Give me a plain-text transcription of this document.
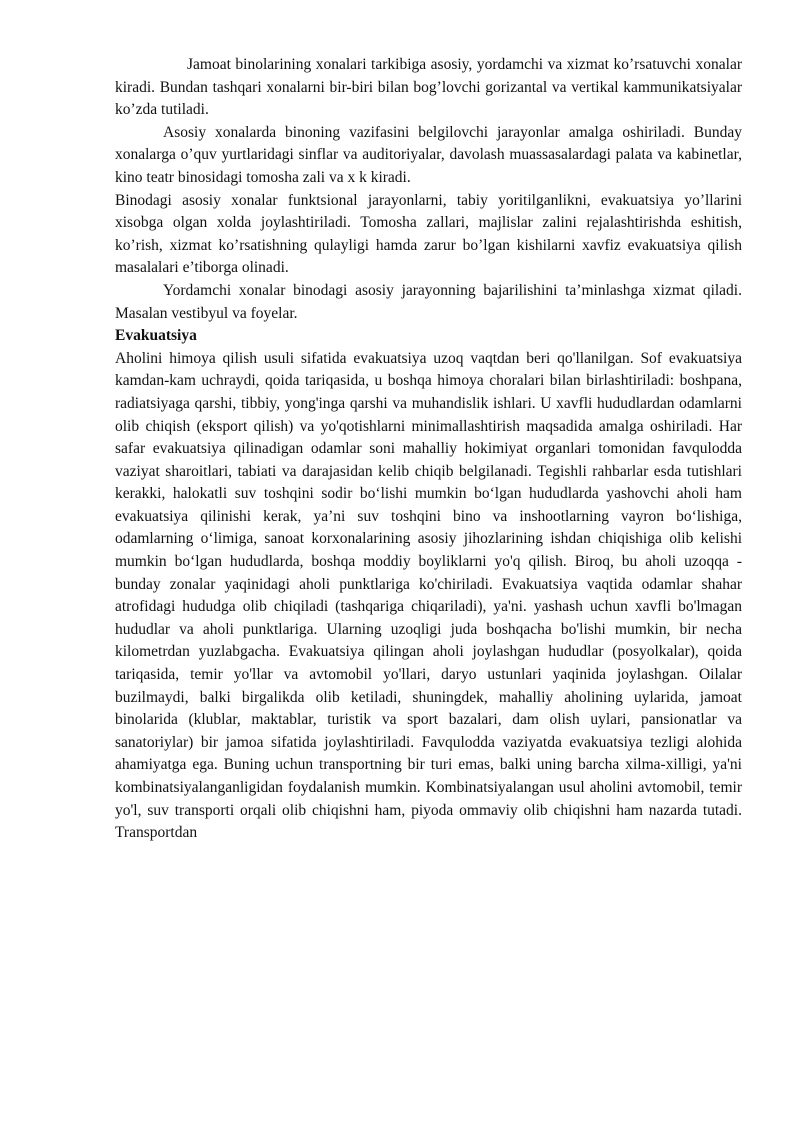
Jamoat binolarining xonalari tarkibiga asosiy, yordamchi va xizmat ko’rsatuvchi xonalar kiradi. Bundan tashqari xonalarni bir-biri bilan bog’lovchi gorizantal va vertikal kammunikatsiyalar ko’zda tutiladi.

Asosiy xonalarda binoning vazifasini belgilovchi jarayonlar amalga oshiriladi. Bunday xonalarga o’quv yurtlaridagi sinflar va auditoriyalar, davolash muassasalardagi palata va kabinetlar, kino teatr binosidagi tomosha zali va x k kiradi.

Binodagi asosiy xonalar funktsional jarayonlarni, tabiy yoritilganlikni, evakuatsiya yo’llarini xisobga olgan xolda joylashtiriladi. Tomosha zallari, majlislar zalini rejalashtirishda eshitish, ko’rish, xizmat ko’rsatishning qulayligi hamda zarur bo’lgan kishilarni xavfiz evakuatsiya qilish masalalari e’tiborga olinadi.

Yordamchi xonalar binodagi asosiy jarayonning bajarilishini ta’minlashga xizmat qiladi. Masalan vestibyul va foyelar.

Evakuatsiya

Aholini himoya qilish usuli sifatida evakuatsiya uzoq vaqtdan beri qo'llanilgan. Sof evakuatsiya kamdan-kam uchraydi, qoida tariqasida, u boshqa himoya choralari bilan birlashtiriladi: boshpana, radiatsiyaga qarshi, tibbiy, yong'inga qarshi va muhandislik ishlari. U xavfli hududlardan odamlarni olib chiqish (eksport qilish) va yo'qotishlarni minimallashtirish maqsadida amalga oshiriladi. Har safar evakuatsiya qilinadigan odamlar soni mahalliy hokimiyat organlari tomonidan favqulodda vaziyat sharoitlari, tabiati va darajasidan kelib chiqib belgilanadi. Tegishli rahbarlar esda tutishlari kerakki, halokatli suv toshqini sodir bo‘lishi mumkin bo‘lgan hududlarda yashovchi aholi ham evakuatsiya qilinishi kerak, ya’ni suv toshqini bino va inshootlarning vayron bo‘lishiga, odamlarning o‘limiga, sanoat korxonalarining asosiy jihozlarining ishdan chiqishiga olib kelishi mumkin bo‘lgan hududlarda, boshqa moddiy boyliklarni yo'q qilish. Biroq, bu aholi uzoqqa - bunday zonalar yaqinidagi aholi punktlariga ko'chiriladi. Evakuatsiya vaqtida odamlar shahar atrofidagi hududga olib chiqiladi (tashqariga chiqariladi), ya'ni. yashash uchun xavfli bo'lmagan hududlar va aholi punktlariga. Ularning uzoqligi juda boshqacha bo'lishi mumkin, bir necha kilometrdan yuzlabgacha. Evakuatsiya qilingan aholi joylashgan hududlar (posyolkalar), qoida tariqasida, temir yo'llar va avtomobil yo'llari, daryo ustunlari yaqinida joylashgan. Oilalar buzilmaydi, balki birgalikda olib ketiladi, shuningdek, mahalliy aholining uylarida, jamoat binolarida (klublar, maktablar, turistik va sport bazalari, dam olish uylari, pansionatlar va sanatoriylar) bir jamoa sifatida joylashtiriladi. Favqulodda vaziyatda evakuatsiya tezligi alohida ahamiyatga ega. Buning uchun transportning bir turi emas, balki uning barcha xilma-xilligi, ya'ni kombinatsiyalanganligidan foydalanish mumkin. Kombinatsiyalangan usul aholini avtomobil, temir yo'l, suv transporti orqali olib chiqishni ham, piyoda ommaviy olib chiqishni ham nazarda tutadi. Transportdan
